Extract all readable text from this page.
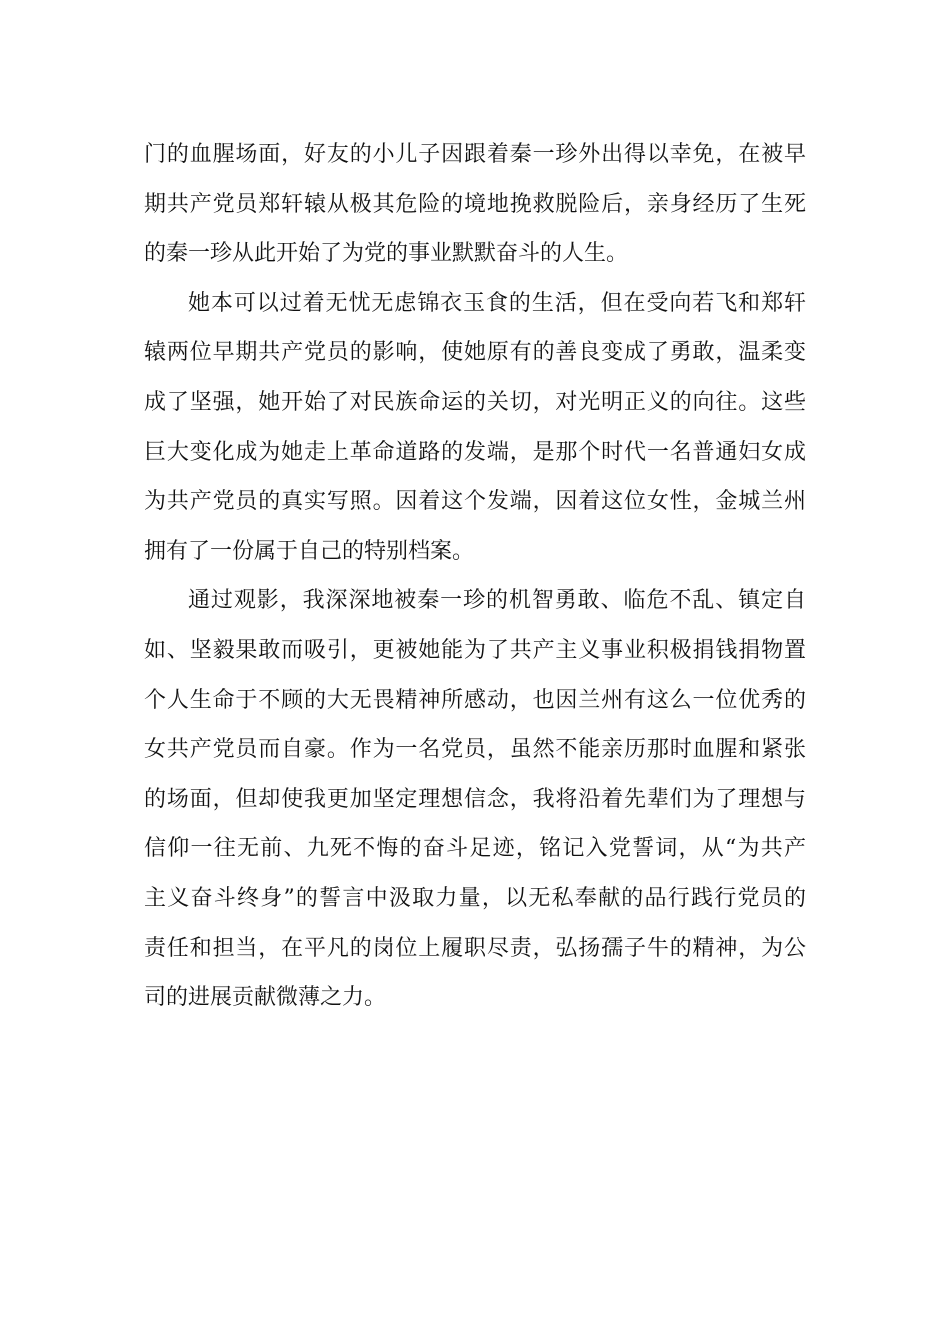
门的血腥场面，好友的小儿子因跟着秦一珍外出得以幸免，在被早
期共产党员郑轩辕从极其危险的境地挽救脱险后，亲身经历了生死
的秦一珍从此开始了为党的事业默默奋斗的人生。
她本可以过着无忧无虑锦衣玉食的生活，但在受向若飞和郑轩
辕两位早期共产党员的影响，使她原有的善良变成了勇敢，温柔变
成了坚强，她开始了对民族命运的关切，对光明正义的向往。这些
巨大变化成为她走上革命道路的发端，是那个时代一名普通妇女成
为共产党员的真实写照。因着这个发端，因着这位女性，金城兰州
拥有了一份属于自己的特别档案。
通过观影，我深深地被秦一珍的机智勇敢、临危不乱、镇定自
如、坚毅果敢而吸引，更被她能为了共产主义事业积极捐钱捐物置
个人生命于不顾的大无畏精神所感动，也因兰州有这么一位优秀的
女共产党员而自豪。作为一名党员，虽然不能亲历那时血腥和紧张
的场面，但却使我更加坚定理想信念，我将沿着先辈们为了理想与
信仰一往无前、九死不悔的奋斗足迹，铭记入党誓词，从“为共产
主义奋斗终身”的誓言中汲取力量，以无私奉献的品行践行党员的
责任和担当，在平凡的岗位上履职尽责，弘扬孺子牛的精神，为公
司的进展贡献微薄之力。
